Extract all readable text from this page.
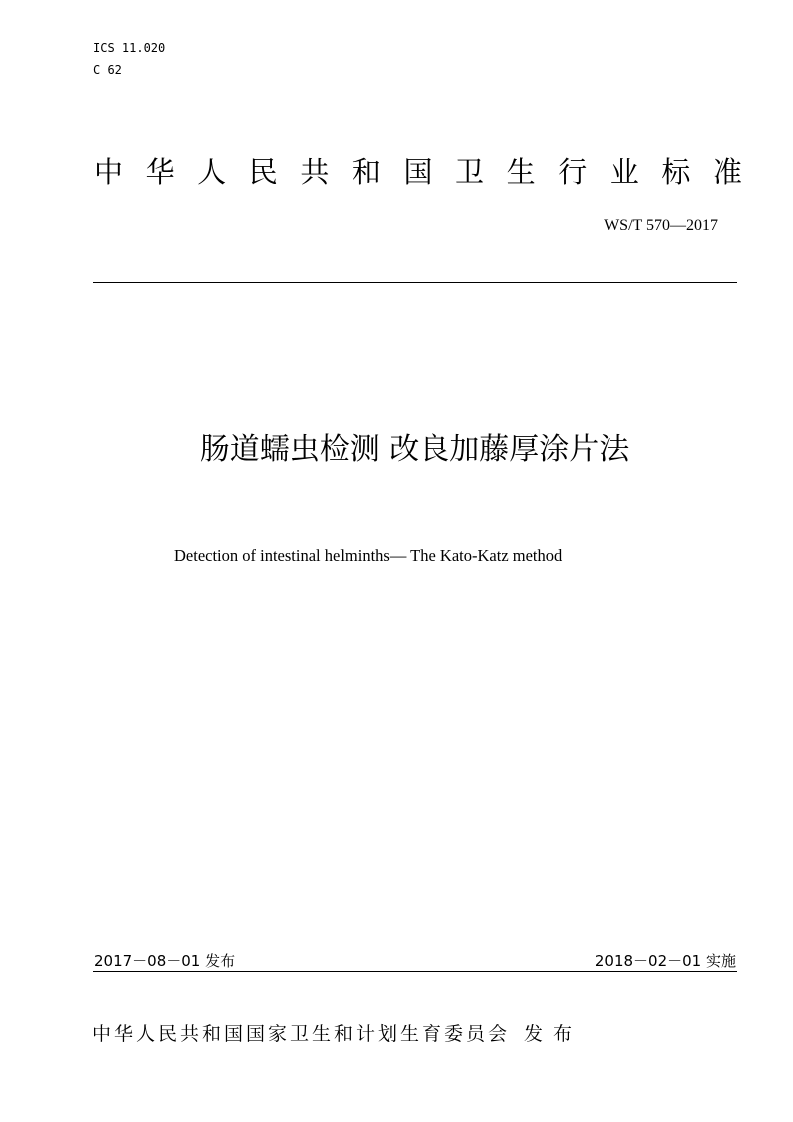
ICS 11.020
C 62
中 华 人 民 共 和 国 卫 生 行 业 标 准
WS/T 570—2017
肠道蠕虫检测 改良加藤厚涂片法
Detection of intestinal helminths— The Kato-Katz method
2017－08－01 发布	2018－02－01 实施
中华人民共和国国家卫生和计划生育委员会 发布
